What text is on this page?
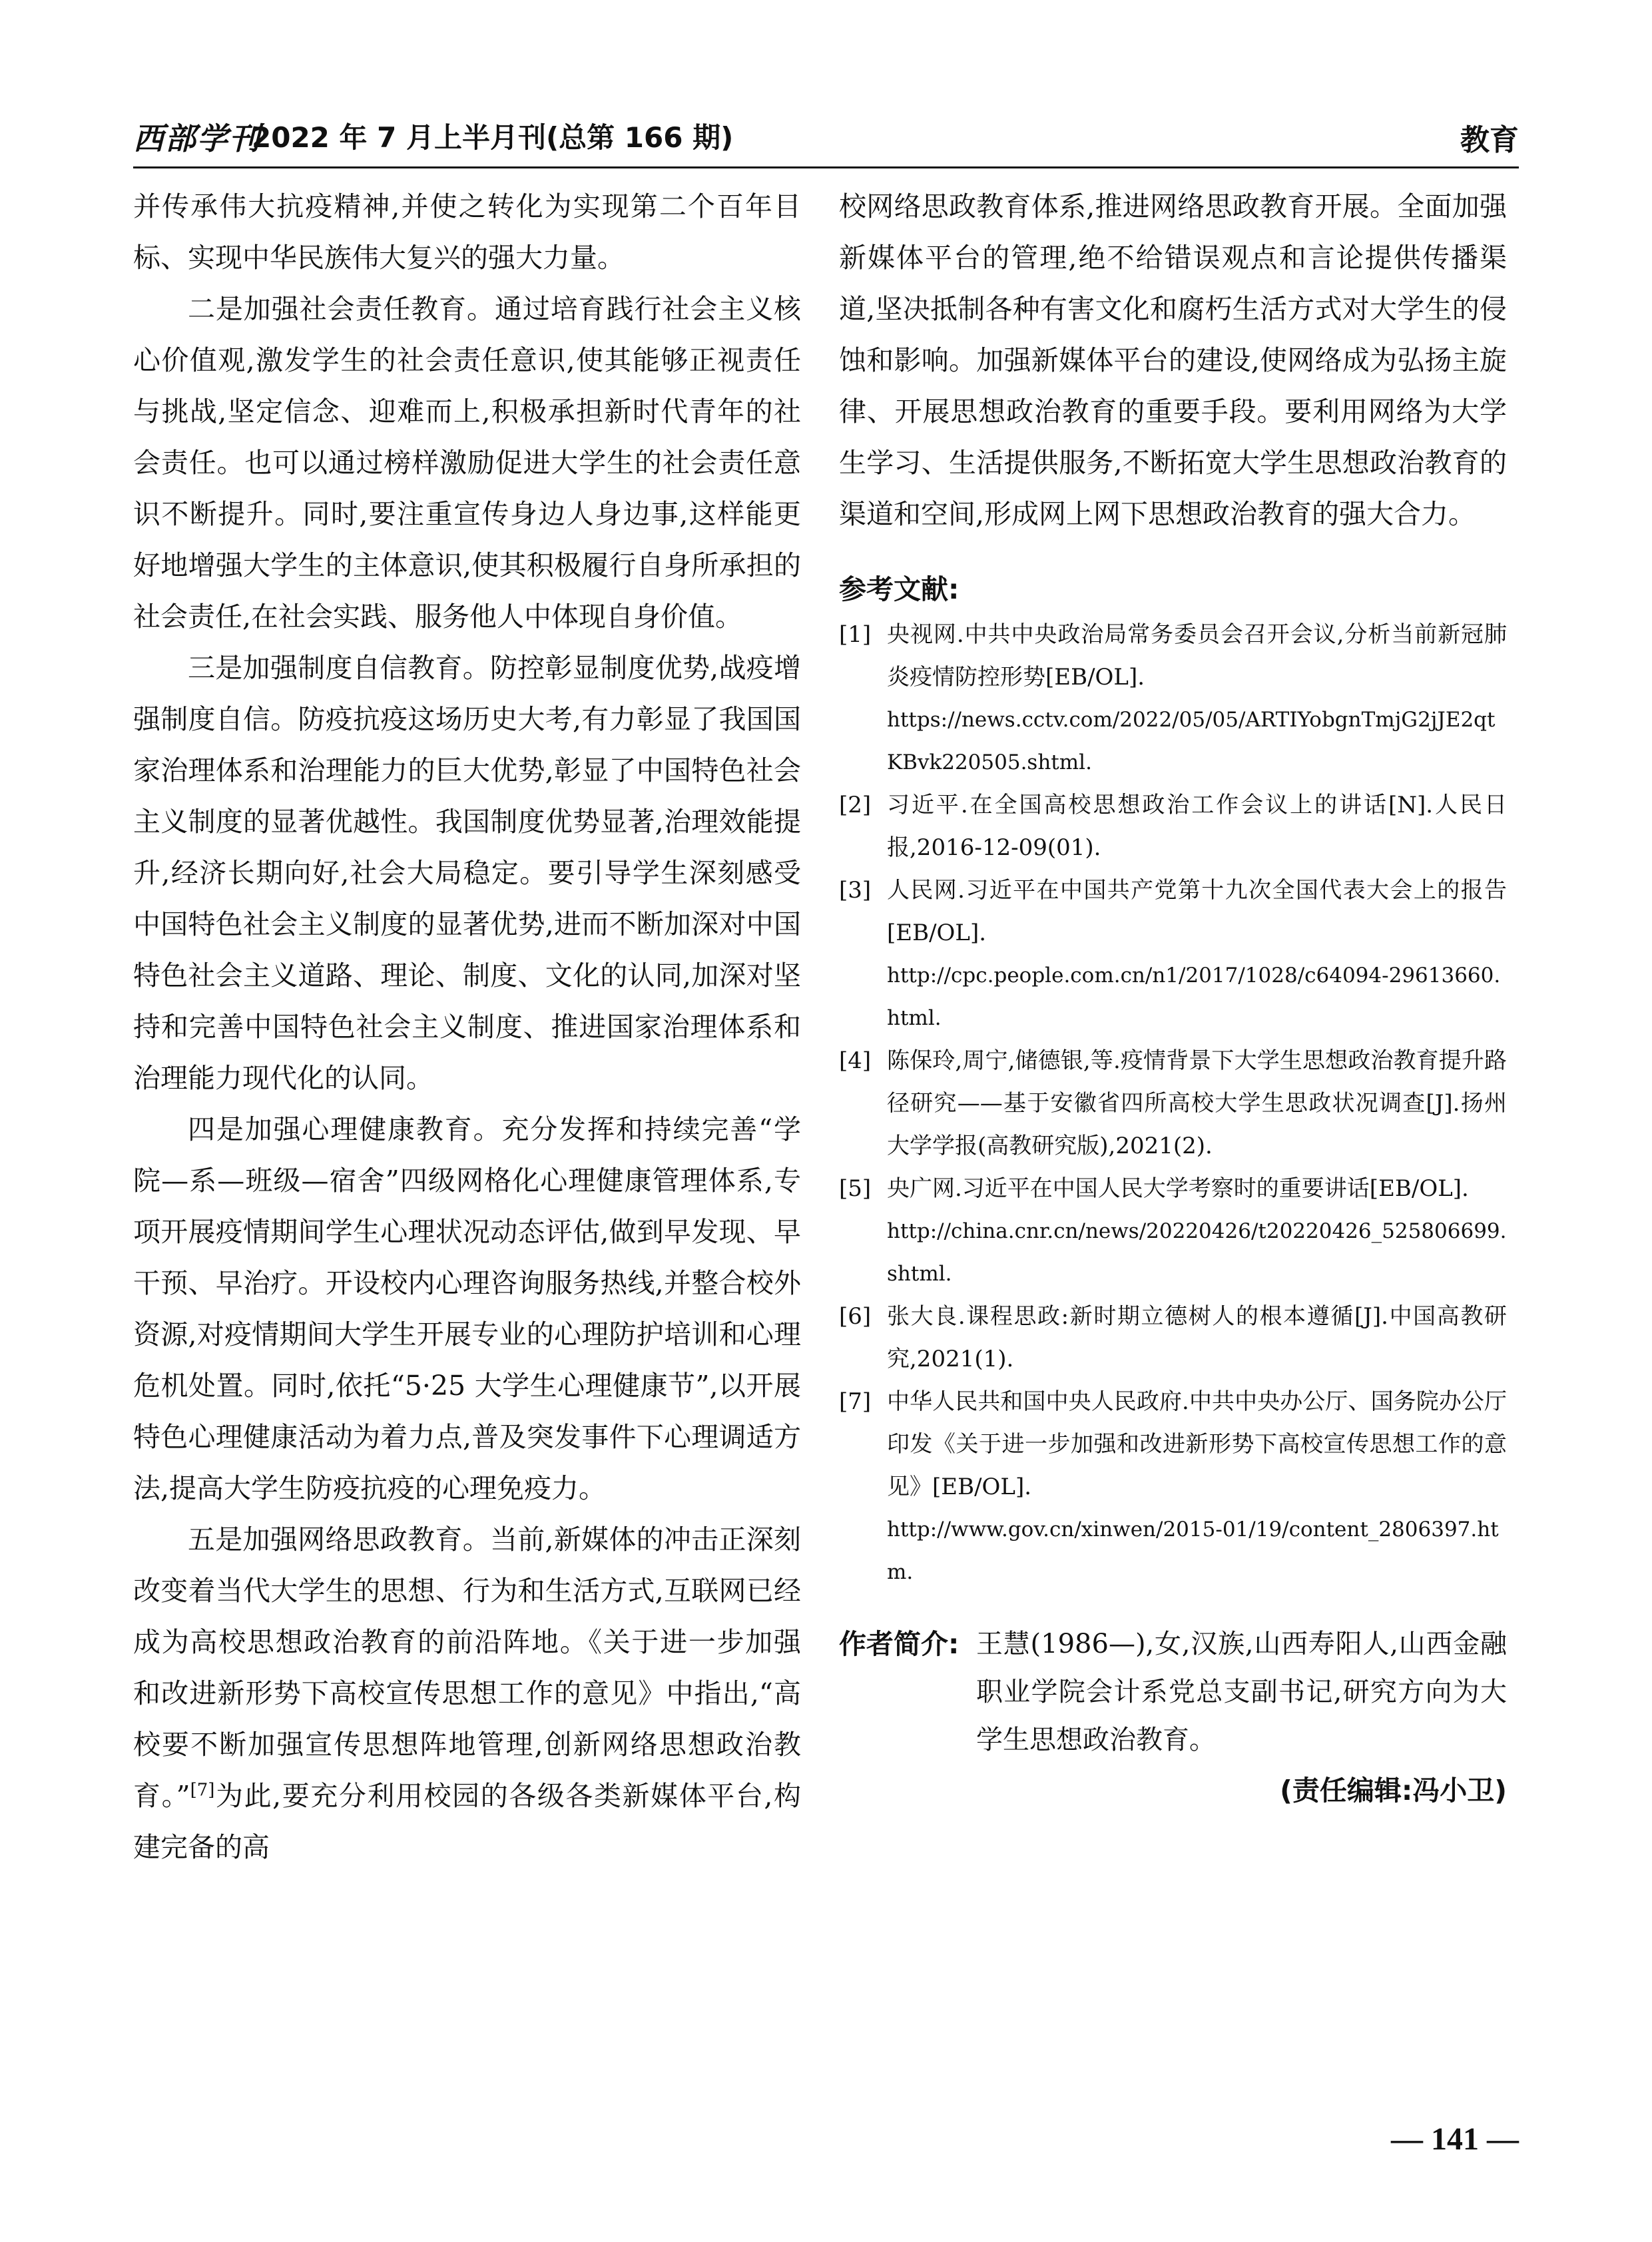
西部学刊
2022 年 7 月上半月刊(总第 166 期)	教育

并传承伟大抗疫精神,并使之转化为实现第二个百年目标、实现中华民族伟大复兴的强大力量。

二是加强社会责任教育。通过培育践行社会主义核心价值观,激发学生的社会责任意识,使其能够正视责任与挑战,坚定信念、迎难而上,积极承担新时代青年的社会责任。也可以通过榜样激励促进大学生的社会责任意识不断提升。同时,要注重宣传身边人身边事,这样能更好地增强大学生的主体意识,使其积极履行自身所承担的社会责任,在社会实践、服务他人中体现自身价值。

三是加强制度自信教育。防控彰显制度优势,战疫增强制度自信。防疫抗疫这场历史大考,有力彰显了我国国家治理体系和治理能力的巨大优势,彰显了中国特色社会主义制度的显著优越性。我国制度优势显著,治理效能提升,经济长期向好,社会大局稳定。要引导学生深刻感受中国特色社会主义制度的显著优势,进而不断加深对中国特色社会主义道路、理论、制度、文化的认同,加深对坚持和完善中国特色社会主义制度、推进国家治理体系和治理能力现代化的认同。

四是加强心理健康教育。充分发挥和持续完善“学院—系—班级—宿舍”四级网格化心理健康管理体系,专项开展疫情期间学生心理状况动态评估,做到早发现、早干预、早治疗。开设校内心理咨询服务热线,并整合校外资源,对疫情期间大学生开展专业的心理防护培训和心理危机处置。同时,依托“5·25 大学生心理健康节”,以开展特色心理健康活动为着力点,普及突发事件下心理调适方法,提高大学生防疫抗疫的心理免疫力。

五是加强网络思政教育。当前,新媒体的冲击正深刻改变着当代大学生的思想、行为和生活方式,互联网已经成为高校思想政治教育的前沿阵地。《关于进一步加强和改进新形势下高校宣传思想工作的意见》中指出,“高校要不断加强宣传思想阵地管理,创新网络思想政治教育。”[7]为此,要充分利用校园的各级各类新媒体平台,构建完备的高

校网络思政教育体系,推进网络思政教育开展。全面加强新媒体平台的管理,绝不给错误观点和言论提供传播渠道,坚决抵制各种有害文化和腐朽生活方式对大学生的侵蚀和影响。加强新媒体平台的建设,使网络成为弘扬主旋律、开展思想政治教育的重要手段。要利用网络为大学生学习、生活提供服务,不断拓宽大学生思想政治教育的渠道和空间,形成网上网下思想政治教育的强大合力。

参考文献:

[1] 央视网.中共中央政治局常务委员会召开会议,分析当前新冠肺炎疫情防控形势[EB/OL].
https://news.cctv.com/2022/05/05/ARTIYobgnTmjG2jJE2qtKBvk220505.shtml.
[2] 习近平.在全国高校思想政治工作会议上的讲话[N].人民日报,2016-12-09(01).
[3] 人民网.习近平在中国共产党第十九次全国代表大会上的报告[EB/OL].
http://cpc.people.com.cn/n1/2017/1028/c64094-29613660.html.
[4] 陈保玲,周宁,储德银,等.疫情背景下大学生思想政治教育提升路径研究——基于安徽省四所高校大学生思政状况调查[J].扬州大学学报(高教研究版),2021(2).
[5] 央广网.习近平在中国人民大学考察时的重要讲话[EB/OL].
http://china.cnr.cn/news/20220426/t20220426_525806699.shtml.
[6] 张大良.课程思政:新时期立德树人的根本遵循[J].中国高教研究,2021(1).
[7] 中华人民共和国中央人民政府.中共中央办公厅、国务院办公厅印发《关于进一步加强和改进新形势下高校宣传思想工作的意见》[EB/OL].
http://www.gov.cn/xinwen/2015-01/19/content_2806397.htm.
作者简介: 王慧(1986—),女,汉族,山西寿阳人,山西金融职业学院会计系党总支副书记,研究方向为大学生思想政治教育。
(责任编辑:冯小卫)
— 141 —
